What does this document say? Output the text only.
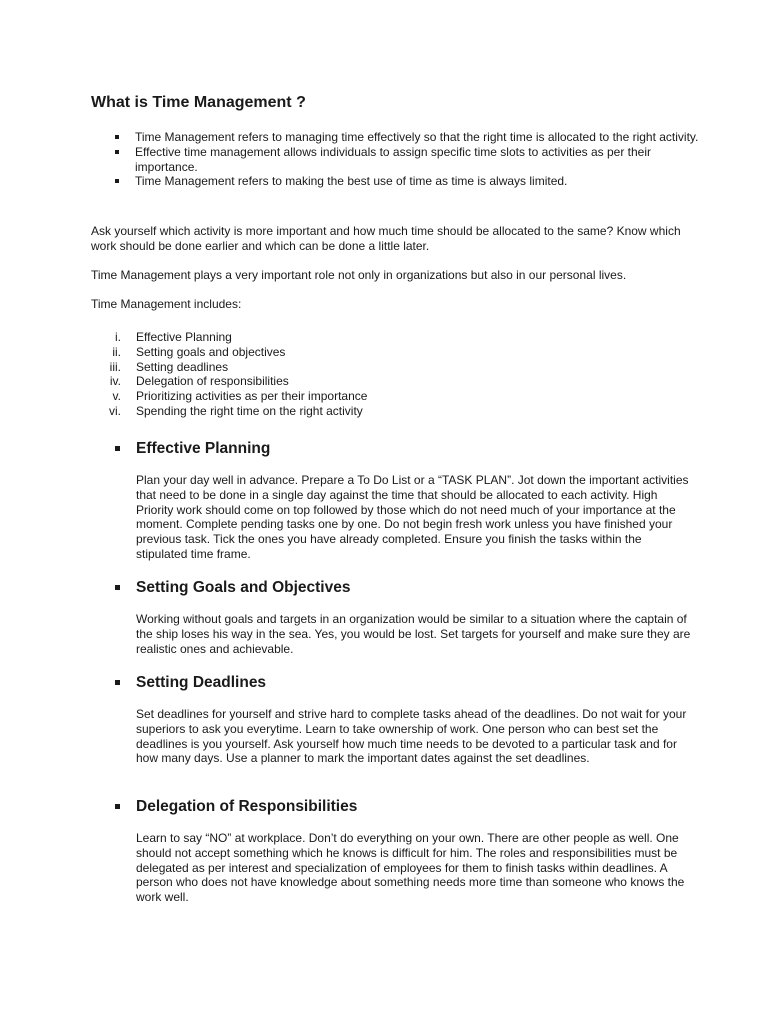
What is Time Management ?
Time Management refers to managing time effectively so that the right time is allocated to the right activity.
Effective time management allows individuals to assign specific time slots to activities as per their importance.
Time Management refers to making the best use of time as time is always limited.

Ask yourself which activity is more important and how much time should be allocated to the same? Know which work should be done earlier and which can be done a little later.

Time Management plays a very important role not only in organizations but also in our personal lives.

Time Management includes:

i. Effective Planning
ii. Setting goals and objectives
iii. Setting deadlines
iv. Delegation of responsibilities
v. Prioritizing activities as per their importance
vi. Spending the right time on the right activity
Effective Planning

Plan your day well in advance. Prepare a To Do List or a “TASK PLAN”. Jot down the important activities that need to be done in a single day against the time that should be allocated to each activity. High Priority work should come on top followed by those which do not need much of your importance at the moment. Complete pending tasks one by one. Do not begin fresh work unless you have finished your previous task. Tick the ones you have already completed. Ensure you finish the tasks within the stipulated time frame.

Setting Goals and Objectives

Working without goals and targets in an organization would be similar to a situation where the captain of the ship loses his way in the sea. Yes, you would be lost. Set targets for yourself and make sure they are realistic ones and achievable.

Setting Deadlines

Set deadlines for yourself and strive hard to complete tasks ahead of the deadlines. Do not wait for your superiors to ask you everytime. Learn to take ownership of work. One person who can best set the deadlines is you yourself. Ask yourself how much time needs to be devoted to a particular task and for how many days. Use a planner to mark the important dates against the set deadlines.

Delegation of Responsibilities

Learn to say “NO” at workplace. Don’t do everything on your own. There are other people as well. One should not accept something which he knows is difficult for him. The roles and responsibilities must be delegated as per interest and specialization of employees for them to finish tasks within deadlines. A person who does not have knowledge about something needs more time than someone who knows the work well.
